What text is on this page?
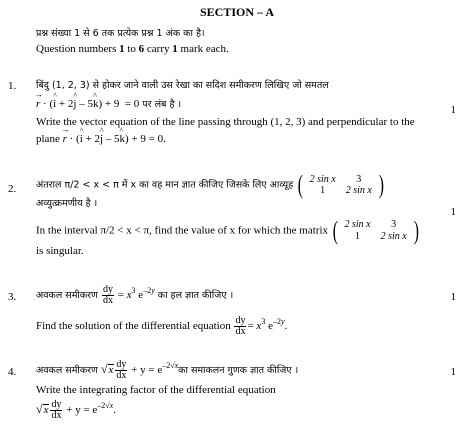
SECTION – A
प्रश्न संख्या 1 से 6 तक प्रत्येक प्रश्न 1 अंक का है।
Question numbers 1 to 6 carry 1 mark each.
1.
1
बिंदु (1, 2, 3) से होकर जाने वाली उस रेखा का सदिश समीकरण लिखिए जो समतल
→ r · (^ i + 2^ j – 5^ k) + 9  = 0 पर लंब है ।
Write the vector equation of the line passing through (1, 2, 3) and perpendicular to the
plane → r · (^ i + 2^ j – 5^ k) + 9 = 0.
2.
1
अंतराल π/2 < x < π में x का वह मान ज्ञात कीजिए जिसके लिए आव्यूह ( 2 sin x	3
1	2 sin x )
अव्युत्क्रमणीय है ।
In the interval π/2 < x < π, find the value of x for which the matrix ( 2 sin x	3
1	2 sin x )
is singular.
3.	1
अवकल समीकरण $\frac{dy}{dx} = x^3$ $e^{-2y}$ का हल ज्ञात कीजिए ।
Find the solution of the differential equation $\frac{dy}{dx} = x^3$ $e^{-2y}$.
4.	1
अवकल समीकरण √ x $\frac{dy}{dx} + y$ = $e^{-2√x}का$ समाकलन गुणक ज्ञात कीजिए ।
Write the integrating factor of the differential equation
√ x $\frac{dy}{dx} + y = e^{-2√x}$.
